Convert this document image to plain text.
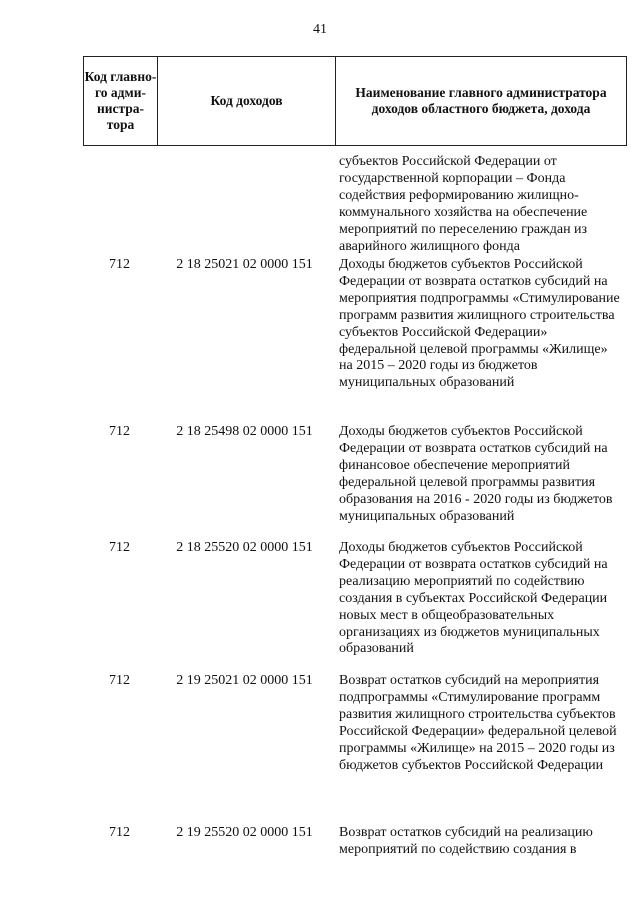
41
Код главно-го адми-нистра-тора	Код доходов	Наименование главного администратора доходов областного бюджета, дохода
субъектов Российской Федерации от государственной корпорации – Фонда содействия реформированию жилищно-коммунального хозяйства на обеспечение мероприятий по переселению граждан из аварийного жилищного фонда
712	2 18 25021 02 0000 151	Доходы бюджетов субъектов Российской Федерации от возврата остатков субсидий на мероприятия подпрограммы «Стимулирование программ развития жилищного строительства субъектов Российской Федерации» федеральной целевой программы «Жилище» на 2015 – 2020 годы из бюджетов муниципальных образований
712	2 18 25498 02 0000 151	Доходы бюджетов субъектов Российской Федерации от возврата остатков субсидий на финансовое обеспечение мероприятий федеральной целевой программы развития образования на 2016 - 2020 годы из бюджетов муниципальных образований
712	2 18 25520 02 0000 151	Доходы бюджетов субъектов Российской Федерации от возврата остатков субсидий на реализацию мероприятий по содействию создания в субъектах Российской Федерации новых мест в общеобразовательных организациях из бюджетов муниципальных образований
712	2 19 25021 02 0000 151	Возврат остатков субсидий на мероприятия подпрограммы «Стимулирование программ развития жилищного строительства субъектов Российской Федерации» федеральной целевой программы «Жилище» на 2015 – 2020 годы из бюджетов субъектов Российской Федерации
712	2 19 25520 02 0000 151	Возврат остатков субсидий на реализацию мероприятий по содействию создания в
